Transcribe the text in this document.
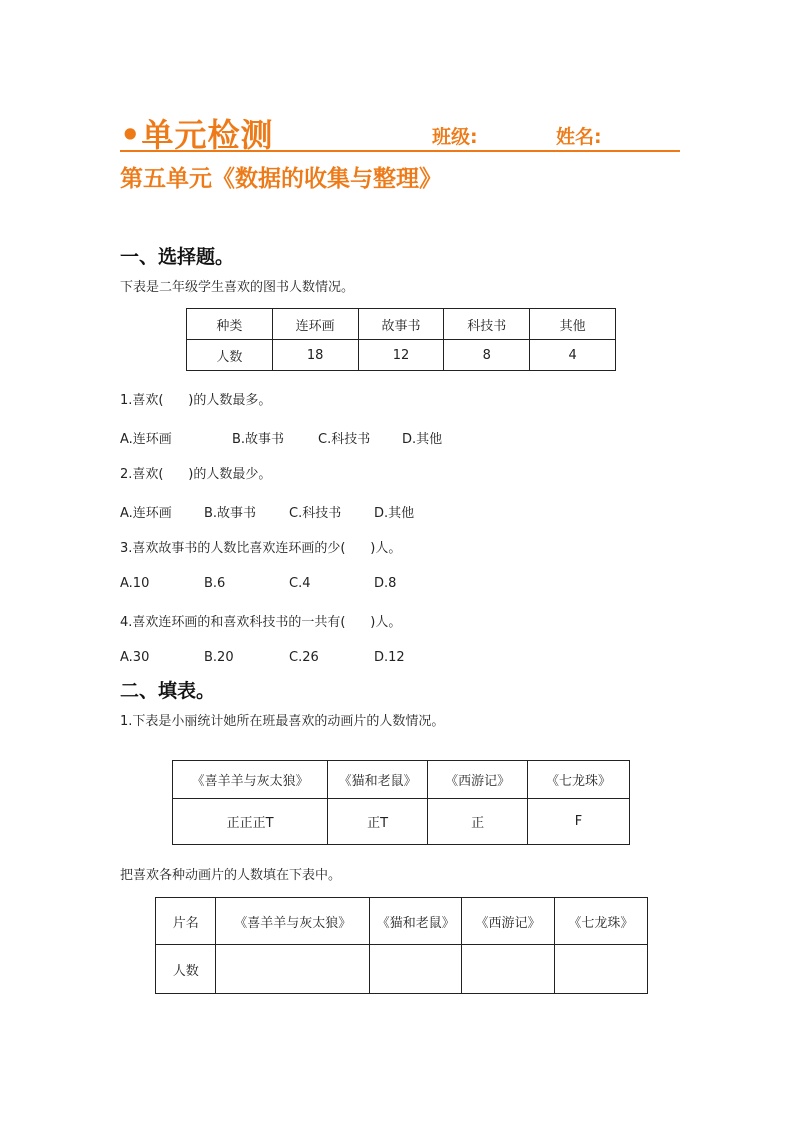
•单元检测	班级:	姓名:
第五单元《数据的收集与整理》
一、选择题。
下表是二年级学生喜欢的图书人数情况。
种类	连环画	故事书	科技书	其他
人数	18	12	8	4
1.喜欢(      )的人数最多。
A.连环画	B.故事书	C.科技书 D.其他
2.喜欢(      )的人数最少。
A.连环画 B.故事书	C.科技书	D.其他
3.喜欢故事书的人数比喜欢连环画的少(      )人。
A.10	B.6	C.4	D.8
4.喜欢连环画的和喜欢科技书的一共有(      )人。
A.30	B.20	C.26	D.12
二、填表。
1.下表是小丽统计她所在班最喜欢的动画片的人数情况。
《喜羊羊与灰太狼》	《猫和老鼠》	《西游记》	《七龙珠》
正正正T	正T	正	F
把喜欢各种动画片的人数填在下表中。
片名	《喜羊羊与灰太狼》	《猫和老鼠》	《西游记》	《七龙珠》
人数				
